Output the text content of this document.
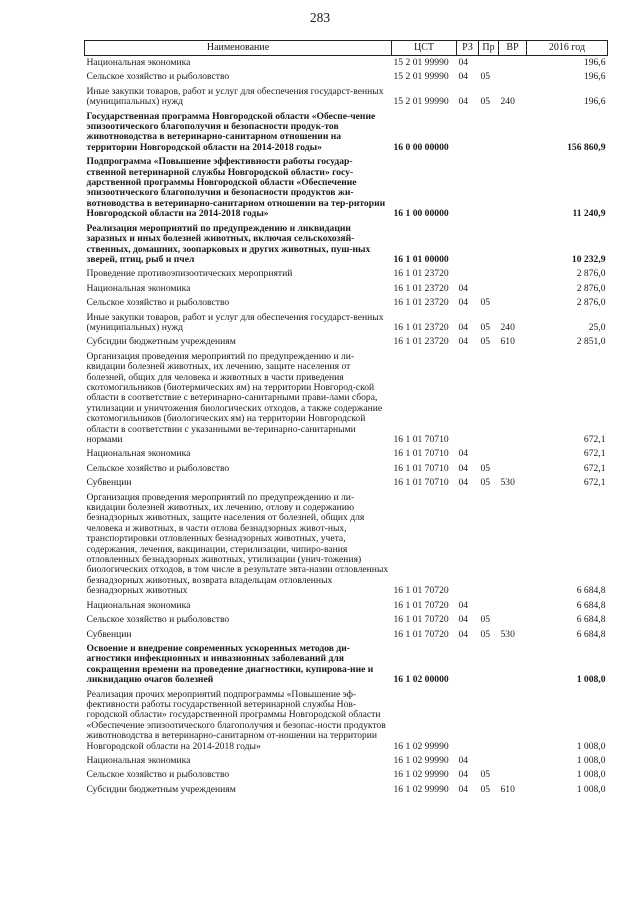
283
Наименование	ЦСТ	РЗ	Пр	ВР	2016 год
Национальная экономика	15 2 01 99990	04			196,6
Сельское хозяйство и рыболовство	15 2 01 99990	04	05		196,6
Иные закупки товаров, работ и услуг для обеспечения государст-венных (муниципальных) нужд	15 2 01 99990	04	05	240	196,6
Государственная программа Новгородской области «Обеспе-чение эпизоотического благополучия и безопасности продук-тов животноводства в ветеринарно-санитарном отношении на территории Новгородской области на 2014-2018 годы»	16 0 00 00000				156 860,9
Подпрограмма «Повышение эффективности работы государ-ственной ветеринарной службы Новгородской области» госу-дарственной программы Новгородской области «Обеспечение эпизоотического благополучия и безопасности продуктов жи-вотноводства в ветеринарно-санитарном отношении на тер-ритории Новгородской области на 2014-2018 годы»	16 1 00 00000				11 240,9
Реализация мероприятий по предупреждению и ликвидации заразных и иных болезней животных, включая сельскохозяй-ственных, домашних, зоопарковых и других животных, пуш-ных зверей, птиц, рыб и пчел	16 1 01 00000				10 232,9
Проведение противоэпизоотических мероприятий	16 1 01 23720				2 876,0
Национальная экономика	16 1 01 23720	04			2 876,0
Сельское хозяйство и рыболовство	16 1 01 23720	04	05		2 876,0
Иные закупки товаров, работ и услуг для обеспечения государст-венных (муниципальных) нужд	16 1 01 23720	04	05	240	25,0
Субсидии бюджетным учреждениям	16 1 01 23720	04	05	610	2 851,0
Организация проведения мероприятий по предупреждению и ли-квидации болезней животных, их лечению, защите населения от болезней, общих для человека и животных в части приведения скотомогильников (биотермических ям) на территории Новгород-ской области в соответствие с ветеринарно-санитарными прави-лами сбора, утилизации и уничтожения биологических отходов, а также содержание скотомогильников (биологических ям) на территории Новгородской области в соответствии с указанными ве-теринарно-санитарными нормами	16 1 01 70710				672,1
Национальная экономика	16 1 01 70710	04			672,1
Сельское хозяйство и рыболовство	16 1 01 70710	04	05		672,1
Субвенции	16 1 01 70710	04	05	530	672,1
Организация проведения мероприятий по предупреждению и ли-квидации болезней животных, их лечению, отлову и содержанию безнадзорных животных, защите населения от болезней, общих для человека и животных, в части отлова безнадзорных живот-ных, транспортировки отловленных безнадзорных животных, учета, содержания, лечения, вакцинации, стерилизации, чипиро-вания отловленных безнадзорных животных, утилизации (унич-тожения) биологических отходов, в том числе в результате эвта-назии отловленных безнадзорных животных, возврата владельцам отловленных безнадзорных животных	16 1 01 70720				6 684,8
Национальная экономика	16 1 01 70720	04			6 684,8
Сельское хозяйство и рыболовство	16 1 01 70720	04	05		6 684,8
Субвенции	16 1 01 70720	04	05	530	6 684,8
Освоение и внедрение современных ускоренных методов ди-агностики инфекционных и инвазионных заболеваний для сокращения времени на проведение диагностики, купирова-ние и ликвидацию очагов болезней	16 1 02 00000				1 008,0
Реализация прочих мероприятий подпрограммы «Повышение эф-фективности работы государственной ветеринарной службы Нов-городской области» государственной программы Новгородской области «Обеспечение эпизоотического благополучия и безопас-ности продуктов животноводства в ветеринарно-санитарном от-ношении на территории Новгородской области на 2014-2018 годы»	16 1 02 99990				1 008,0
Национальная экономика	16 1 02 99990	04			1 008,0
Сельское хозяйство и рыболовство	16 1 02 99990	04	05		1 008,0
Субсидии бюджетным учреждениям	16 1 02 99990	04	05	610	1 008,0
